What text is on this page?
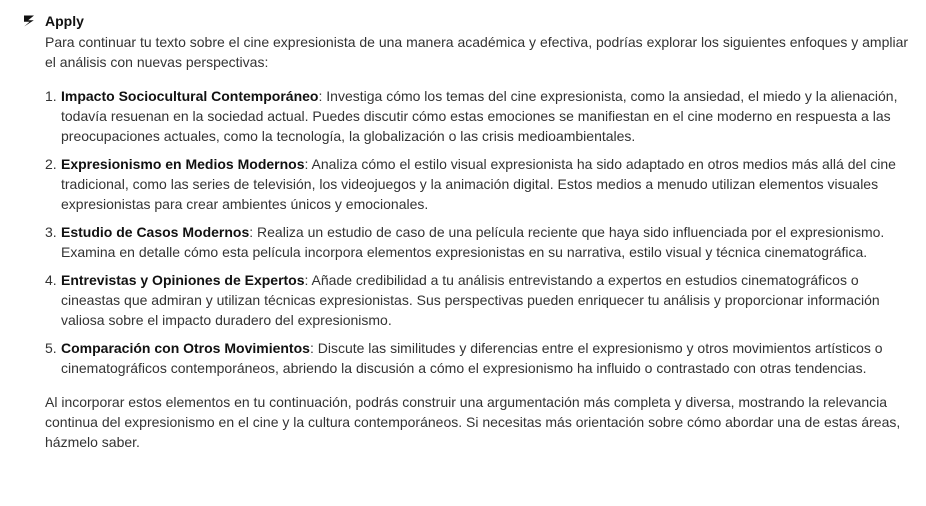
Apply

Para continuar tu texto sobre el cine expresionista de una manera académica y efectiva, podrías explorar los siguientes enfoques y ampliar el análisis con nuevas perspectivas:

1. Impacto Sociocultural Contemporáneo: Investiga cómo los temas del cine expresionista, como la ansiedad, el miedo y la alienación, todavía resuenan en la sociedad actual. Puedes discutir cómo estas emociones se manifiestan en el cine moderno en respuesta a las preocupaciones actuales, como la tecnología, la globalización o las crisis medioambientales.
2. Expresionismo en Medios Modernos: Analiza cómo el estilo visual expresionista ha sido adaptado en otros medios más allá del cine tradicional, como las series de televisión, los videojuegos y la animación digital. Estos medios a menudo utilizan elementos visuales expresionistas para crear ambientes únicos y emocionales.
3. Estudio de Casos Modernos: Realiza un estudio de caso de una película reciente que haya sido influenciada por el expresionismo. Examina en detalle cómo esta película incorpora elementos expresionistas en su narrativa, estilo visual y técnica cinematográfica.
4. Entrevistas y Opiniones de Expertos: Añade credibilidad a tu análisis entrevistando a expertos en estudios cinematográficos o cineastas que admiran y utilizan técnicas expresionistas. Sus perspectivas pueden enriquecer tu análisis y proporcionar información valiosa sobre el impacto duradero del expresionismo.
5. Comparación con Otros Movimientos: Discute las similitudes y diferencias entre el expresionismo y otros movimientos artísticos o cinematográficos contemporáneos, abriendo la discusión a cómo el expresionismo ha influido o contrastado con otras tendencias.

Al incorporar estos elementos en tu continuación, podrás construir una argumentación más completa y diversa, mostrando la relevancia continua del expresionismo en el cine y la cultura contemporáneos. Si necesitas más orientación sobre cómo abordar una de estas áreas, házmelo saber.
